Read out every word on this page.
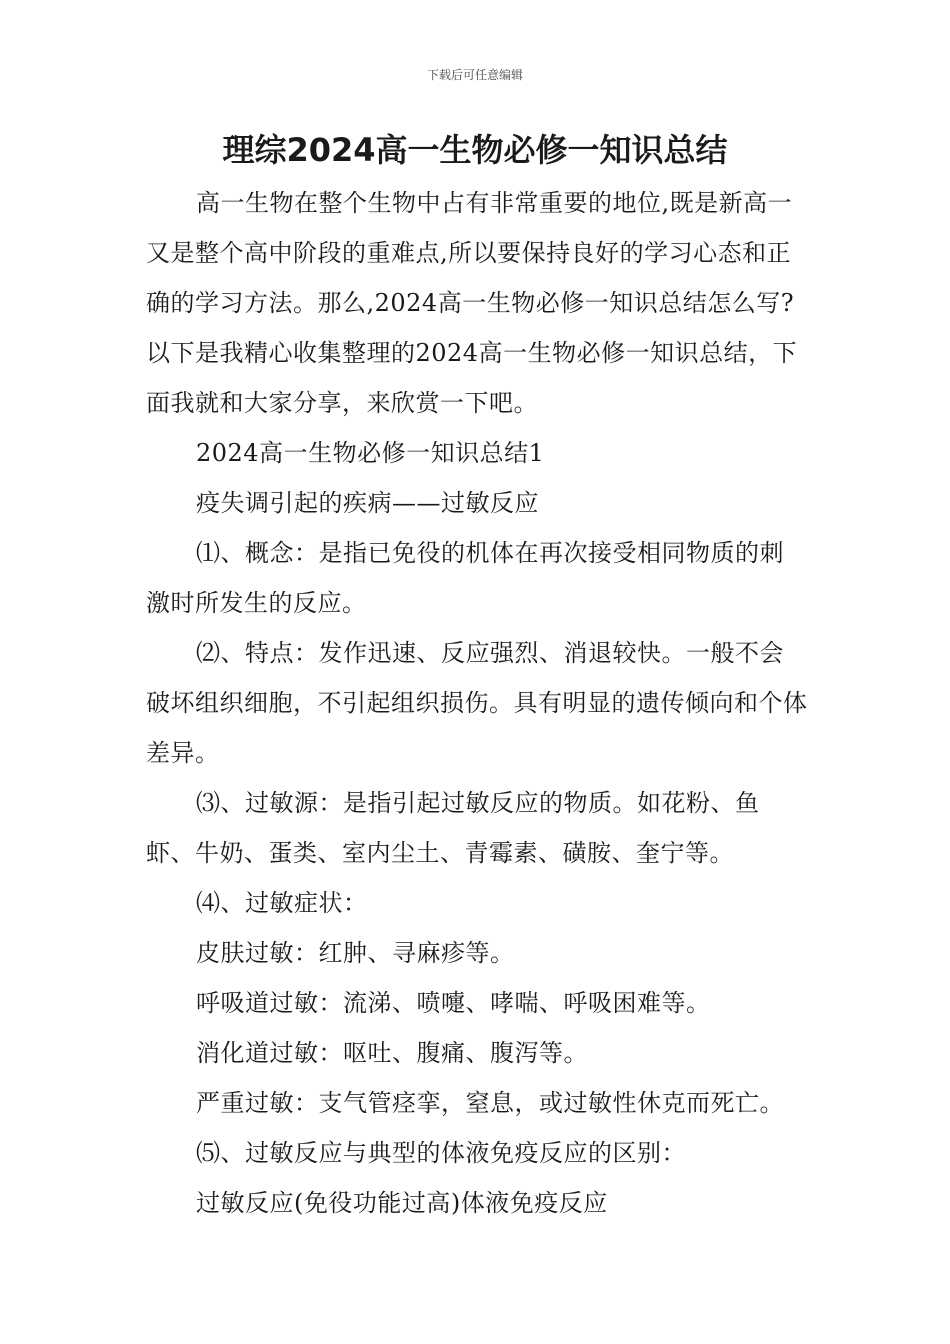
下载后可任意编辑
理综2024高一生物必修一知识总结

高一生物在整个生物中占有非常重要的地位,既是新高一又是整个高中阶段的重难点,所以要保持良好的学习心态和正确的学习方法。那么,2024高一生物必修一知识总结怎么写?以下是我精心收集整理的2024高一生物必修一知识总结，下面我就和大家分享，来欣赏一下吧。

2024高一生物必修一知识总结1

疫失调引起的疾病——过敏反应

⑴、概念：是指已免役的机体在再次接受相同物质的刺激时所发生的反应。

⑵、特点：发作迅速、反应强烈、消退较快。一般不会破坏组织细胞，不引起组织损伤。具有明显的遗传倾向和个体差异。

⑶、过敏源：是指引起过敏反应的物质。如花粉、鱼虾、牛奶、蛋类、室内尘土、青霉素、磺胺、奎宁等。

⑷、过敏症状：

皮肤过敏：红肿、寻麻疹等。

呼吸道过敏：流涕、喷嚏、哮喘、呼吸困难等。

消化道过敏：呕吐、腹痛、腹泻等。

严重过敏：支气管痉挛，窒息，或过敏性休克而死亡。

⑸、过敏反应与典型的体液免疫反应的区别：

过敏反应(免役功能过高)体液免疫反应
